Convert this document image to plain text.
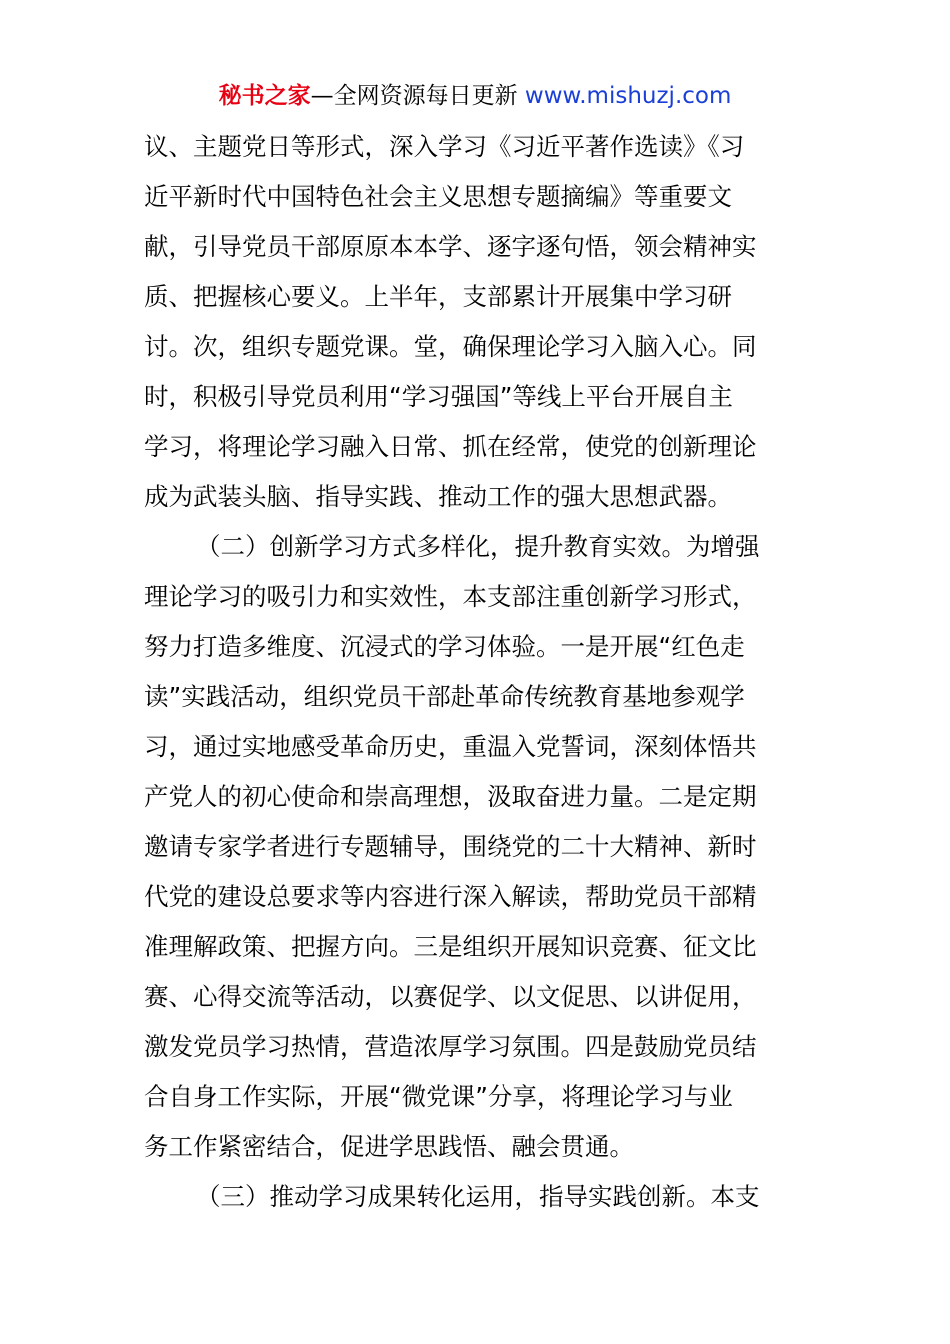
秘书之家—全网资源每日更新 www.mishuzj.com
议、主题党日等形式，深入学习《习近平著作选读》《习
近平新时代中国特色社会主义思想专题摘编》等重要文
献，引导党员干部原原本本学、逐字逐句悟，领会精神实
质、把握核心要义。上半年，支部累计开展集中学习研
讨。次，组织专题党课。堂，确保理论学习入脑入心。同
时，积极引导党员利用“学习强国”等线上平台开展自主
学习，将理论学习融入日常、抓在经常，使党的创新理论
成为武装头脑、指导实践、推动工作的强大思想武器。
（二）创新学习方式多样化，提升教育实效。为增强
理论学习的吸引力和实效性，本支部注重创新学习形式，
努力打造多维度、沉浸式的学习体验。一是开展“红色走
读”实践活动，组织党员干部赴革命传统教育基地参观学
习，通过实地感受革命历史，重温入党誓词，深刻体悟共
产党人的初心使命和崇高理想，汲取奋进力量。二是定期
邀请专家学者进行专题辅导，围绕党的二十大精神、新时
代党的建设总要求等内容进行深入解读，帮助党员干部精
准理解政策、把握方向。三是组织开展知识竞赛、征文比
赛、心得交流等活动，以赛促学、以文促思、以讲促用，
激发党员学习热情，营造浓厚学习氛围。四是鼓励党员结
合自身工作实际，开展“微党课”分享，将理论学习与业
务工作紧密结合，促进学思践悟、融会贯通。
（三）推动学习成果转化运用，指导实践创新。本支
